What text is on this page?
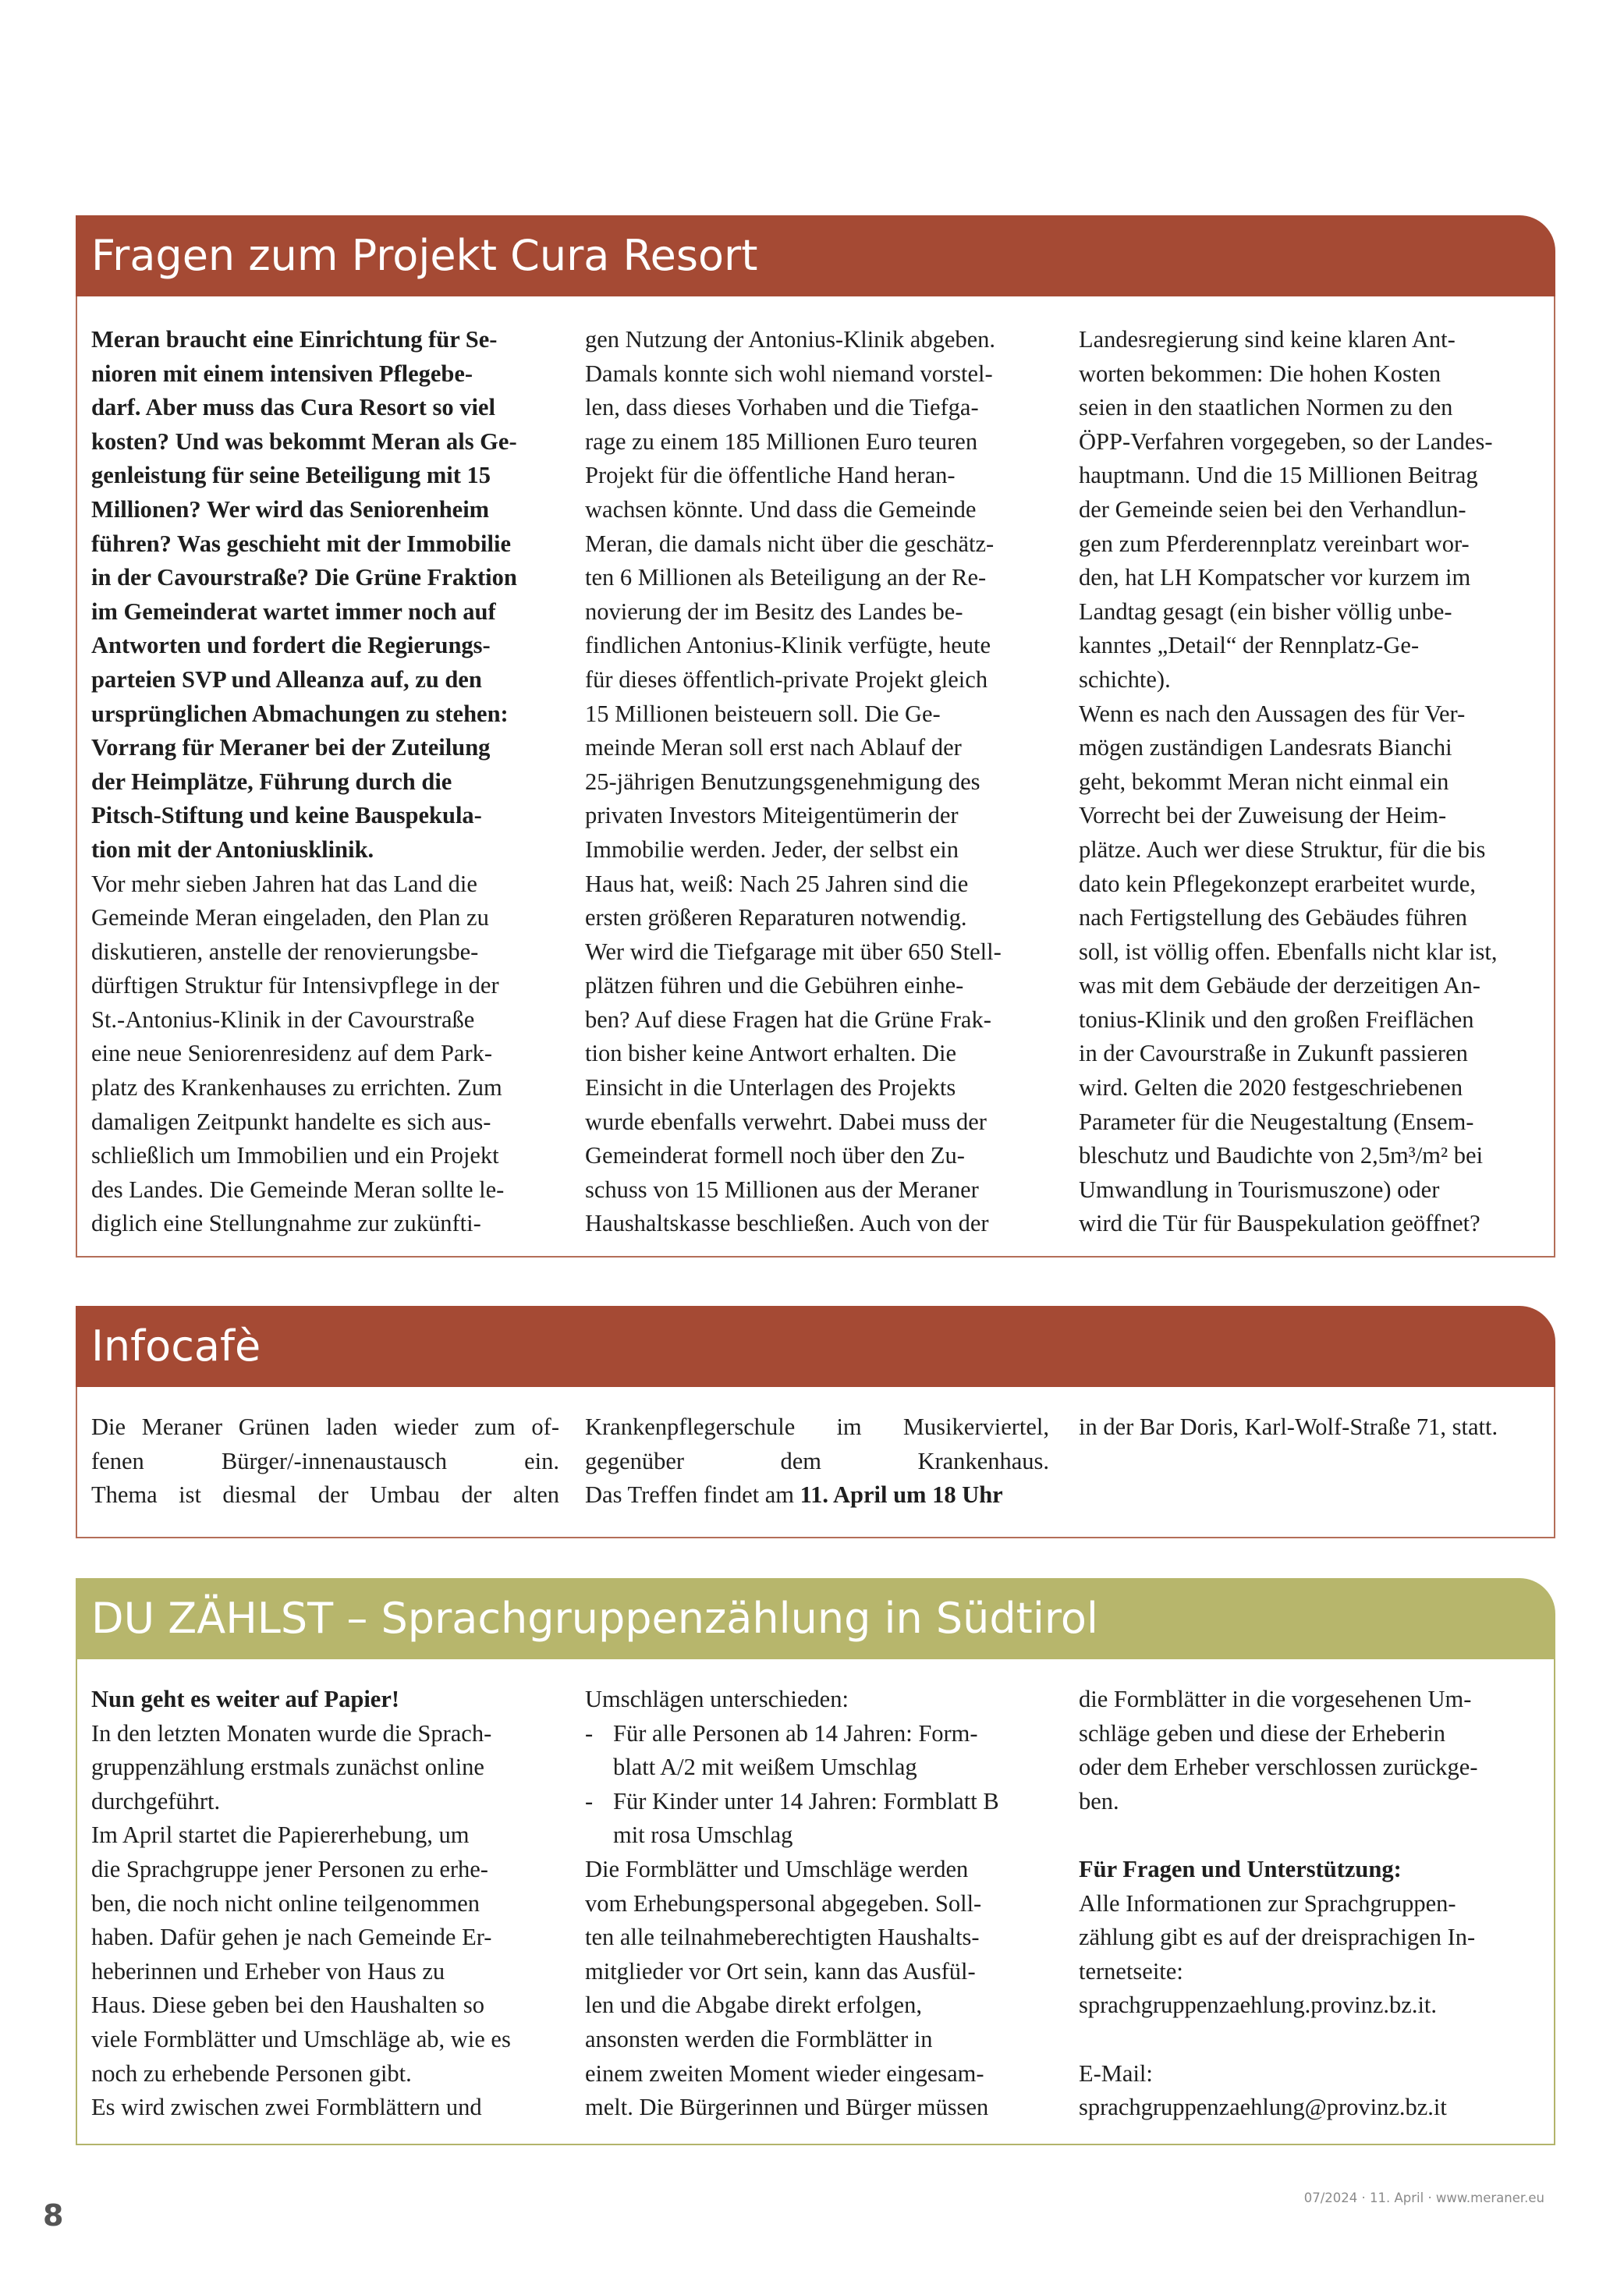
Fragen zum Projekt Cura Resort

Meran braucht eine Einrichtung für Se-

nioren mit einem intensiven Pflegebe-

darf. Aber muss das Cura Resort so viel

kosten? Und was bekommt Meran als Ge-

genleistung für seine Beteiligung mit 15

Millionen? Wer wird das Seniorenheim

führen? Was geschieht mit der Immobilie

in der Cavourstraße? Die Grüne Fraktion

im Gemeinderat wartet immer noch auf

Antworten und fordert die Regierungs-

parteien SVP und Alleanza auf, zu den

ursprünglichen Abmachungen zu stehen:

Vorrang für Meraner bei der Zuteilung

der Heimplätze, Führung durch die

Pitsch-Stiftung und keine Bauspekula-

tion mit der Antoniusklinik.

Vor mehr sieben Jahren hat das Land die

Gemeinde Meran eingeladen, den Plan zu

diskutieren, anstelle der renovierungsbe-

dürftigen Struktur für Intensivpflege in der

St.-Antonius-Klinik in der Cavourstraße

eine neue Seniorenresidenz auf dem Park-

platz des Krankenhauses zu errichten. Zum

damaligen Zeitpunkt handelte es sich aus-

schließlich um Immobilien und ein Projekt

des Landes. Die Gemeinde Meran sollte le-

diglich eine Stellungnahme zur zukünfti-

gen Nutzung der Antonius-Klinik abgeben.

Damals konnte sich wohl niemand vorstel-

len, dass dieses Vorhaben und die Tiefga-

rage zu einem 185 Millionen Euro teuren

Projekt für die öffentliche Hand heran-

wachsen könnte. Und dass die Gemeinde

Meran, die damals nicht über die geschätz-

ten 6 Millionen als Beteiligung an der Re-

novierung der im Besitz des Landes be-

findlichen Antonius-Klinik verfügte, heute

für dieses öffentlich-private Projekt gleich

15 Millionen beisteuern soll. Die Ge-

meinde Meran soll erst nach Ablauf der

25-jährigen Benutzungsgenehmigung des

privaten Investors Miteigentümerin der

Immobilie werden. Jeder, der selbst ein

Haus hat, weiß: Nach 25 Jahren sind die

ersten größeren Reparaturen notwendig.

Wer wird die Tiefgarage mit über 650 Stell-

plätzen führen und die Gebühren einhe-

ben? Auf diese Fragen hat die Grüne Frak-

tion bisher keine Antwort erhalten. Die

Einsicht in die Unterlagen des Projekts

wurde ebenfalls verwehrt. Dabei muss der

Gemeinderat formell noch über den Zu-

schuss von 15 Millionen aus der Meraner

Haushaltskasse beschließen. Auch von der

Landesregierung sind keine klaren Ant-

worten bekommen: Die hohen Kosten

seien in den staatlichen Normen zu den

ÖPP-Verfahren vorgegeben, so der Landes-

hauptmann. Und die 15 Millionen Beitrag

der Gemeinde seien bei den Verhandlun-

gen zum Pferderennplatz vereinbart wor-

den, hat LH Kompatscher vor kurzem im

Landtag gesagt (ein bisher völlig unbe-

kanntes „Detail“ der Rennplatz-Ge-

schichte).

Wenn es nach den Aussagen des für Ver-

mögen zuständigen Landesrats Bianchi

geht, bekommt Meran nicht einmal ein

Vorrecht bei der Zuweisung der Heim-

plätze. Auch wer diese Struktur, für die bis

dato kein Pflegekonzept erarbeitet wurde,

nach Fertigstellung des Gebäudes führen

soll, ist völlig offen. Ebenfalls nicht klar ist,

was mit dem Gebäude der derzeitigen An-

tonius-Klinik und den großen Freiflächen

in der Cavourstraße in Zukunft passieren

wird. Gelten die 2020 festgeschriebenen

Parameter für die Neugestaltung (Ensem-

bleschutz und Baudichte von 2,5m³/m² bei

Umwandlung in Tourismuszone) oder

wird die Tür für Bauspekulation geöffnet?

Infocafè

Die Meraner Grünen laden wieder zum of-

fenen Bürger/-innenaustausch ein.

Thema ist diesmal der Umbau der alten

Krankenpflegerschule im Musikerviertel,

gegenüber dem Krankenhaus.

Das Treffen findet am 11. April um 18 Uhr

in der Bar Doris, Karl-Wolf-Straße 71, statt.

DU ZÄHLST – Sprachgruppenzählung in Südtirol

Nun geht es weiter auf Papier!

In den letzten Monaten wurde die Sprach-

gruppenzählung erstmals zunächst online

durchgeführt.

Im April startet die Papiererhebung, um

die Sprachgruppe jener Personen zu erhe-

ben, die noch nicht online teilgenommen

haben. Dafür gehen je nach Gemeinde Er-

heberinnen und Erheber von Haus zu

Haus. Diese geben bei den Haushalten so

viele Formblätter und Umschläge ab, wie es

noch zu erhebende Personen gibt.

Es wird zwischen zwei Formblättern und

Umschlägen unterschieden:

- Für alle Personen ab 14 Jahren: Form-

blatt A/2 mit weißem Umschlag

- Für Kinder unter 14 Jahren: Formblatt B

mit rosa Umschlag

Die Formblätter und Umschläge werden

vom Erhebungspersonal abgegeben. Soll-

ten alle teilnahmeberechtigten Haushalts-

mitglieder vor Ort sein, kann das Ausfül-

len und die Abgabe direkt erfolgen,

ansonsten werden die Formblätter in

einem zweiten Moment wieder eingesam-

melt. Die Bürgerinnen und Bürger müssen

die Formblätter in die vorgesehenen Um-

schläge geben und diese der Erheberin

oder dem Erheber verschlossen zurückge-

ben.

Für Fragen und Unterstützung:

Alle Informationen zur Sprachgruppen-

zählung gibt es auf der dreisprachigen In-

ternetseite:

sprachgruppenzaehlung.provinz.bz.it.

E-Mail:

sprachgruppenzaehlung@provinz.bz.it

8
07/2024 · 11. April · www.meraner.eu
